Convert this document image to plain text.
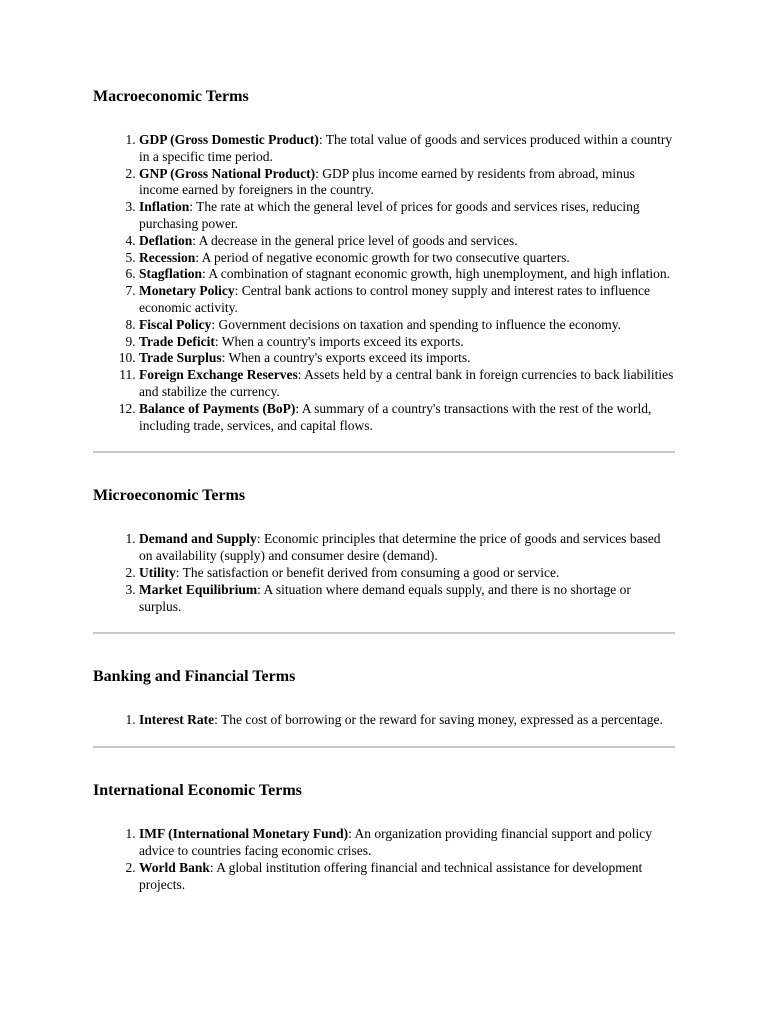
Macroeconomic Terms
1. GDP (Gross Domestic Product): The total value of goods and services produced within a country in a specific time period.
2. GNP (Gross National Product): GDP plus income earned by residents from abroad, minus income earned by foreigners in the country.
3. Inflation: The rate at which the general level of prices for goods and services rises, reducing purchasing power.
4. Deflation: A decrease in the general price level of goods and services.
5. Recession: A period of negative economic growth for two consecutive quarters.
6. Stagflation: A combination of stagnant economic growth, high unemployment, and high inflation.
7. Monetary Policy: Central bank actions to control money supply and interest rates to influence economic activity.
8. Fiscal Policy: Government decisions on taxation and spending to influence the economy.
9. Trade Deficit: When a country's imports exceed its exports.
10. Trade Surplus: When a country's exports exceed its imports.
11. Foreign Exchange Reserves: Assets held by a central bank in foreign currencies to back liabilities and stabilize the currency.
12. Balance of Payments (BoP): A summary of a country's transactions with the rest of the world, including trade, services, and capital flows.
Microeconomic Terms
1. Demand and Supply: Economic principles that determine the price of goods and services based on availability (supply) and consumer desire (demand).
2. Utility: The satisfaction or benefit derived from consuming a good or service.
3. Market Equilibrium: A situation where demand equals supply, and there is no shortage or surplus.
Banking and Financial Terms
1. Interest Rate: The cost of borrowing or the reward for saving money, expressed as a percentage.
International Economic Terms
1. IMF (International Monetary Fund): An organization providing financial support and policy advice to countries facing economic crises.
2. World Bank: A global institution offering financial and technical assistance for development projects.
